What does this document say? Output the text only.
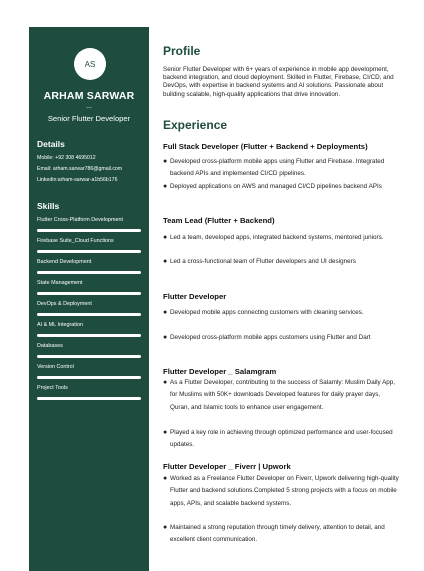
AS
ARHAM SARWAR
...
Senior Flutter Developer
Details
Mobile: +92 308 4695012
Email: arham.sarwar786@gmail.com
Linkedin:arham-sarwar-a1b56b176
Skills
Flutter Cross-Platform Development
Firebase Suite_Cloud Functions
Backend Development
State Management
DevOps & Deployment
AI & ML Integration
Databases
Version Control
Project Tools
Profile
Senior Flutter Developer with 6+ years of experience in mobile app development, backend integration, and cloud deployment. Skilled in Flutter, Firebase, CI/CD, and DevOps, with expertise in backend systems and AI solutions. Passionate about building scalable, high-quality applications that drive innovation.
Experience
Full Stack Developer (Flutter + Backend + Deployments)
● Developed cross-platform mobile apps using Flutter and Firebase. Integrated backend APIs and implemented CI/CD pipelines.
● Deployed applications on AWS and managed CI/CD pipelines backend APIs
Team Lead (Flutter + Backend)
● Led a team, developed apps, integrated backend systems, mentored juniors.
● Led a cross-functional team of Flutter developers and UI designers
Flutter Developer
● Developed mobile apps connecting customers with cleaning services.
● Developed cross-platform mobile apps customers using Flutter and Dart
Flutter Developer _ Salamgram
● As a Flutter Developer, contributing to the success of Salamly: Muslim Daily App, for Muslims with 50K+ downloads Developed features for daily prayer days, Quran, and Islamic tools to enhance user engagement.
● Played a key role in achieving through optimized performance and user-focused updates.
Flutter Developer _ Fiverr | Upwork
● Worked as a Freelance Flutter Developer on Fiverr, Upwork delivering high-quality Flutter and backend solutions.Completed 5 strong projects with a focus on mobile apps, APIs, and scalable backend systems.
● Maintained a strong reputation through timely delivery, attention to detail, and excellent client communication.
